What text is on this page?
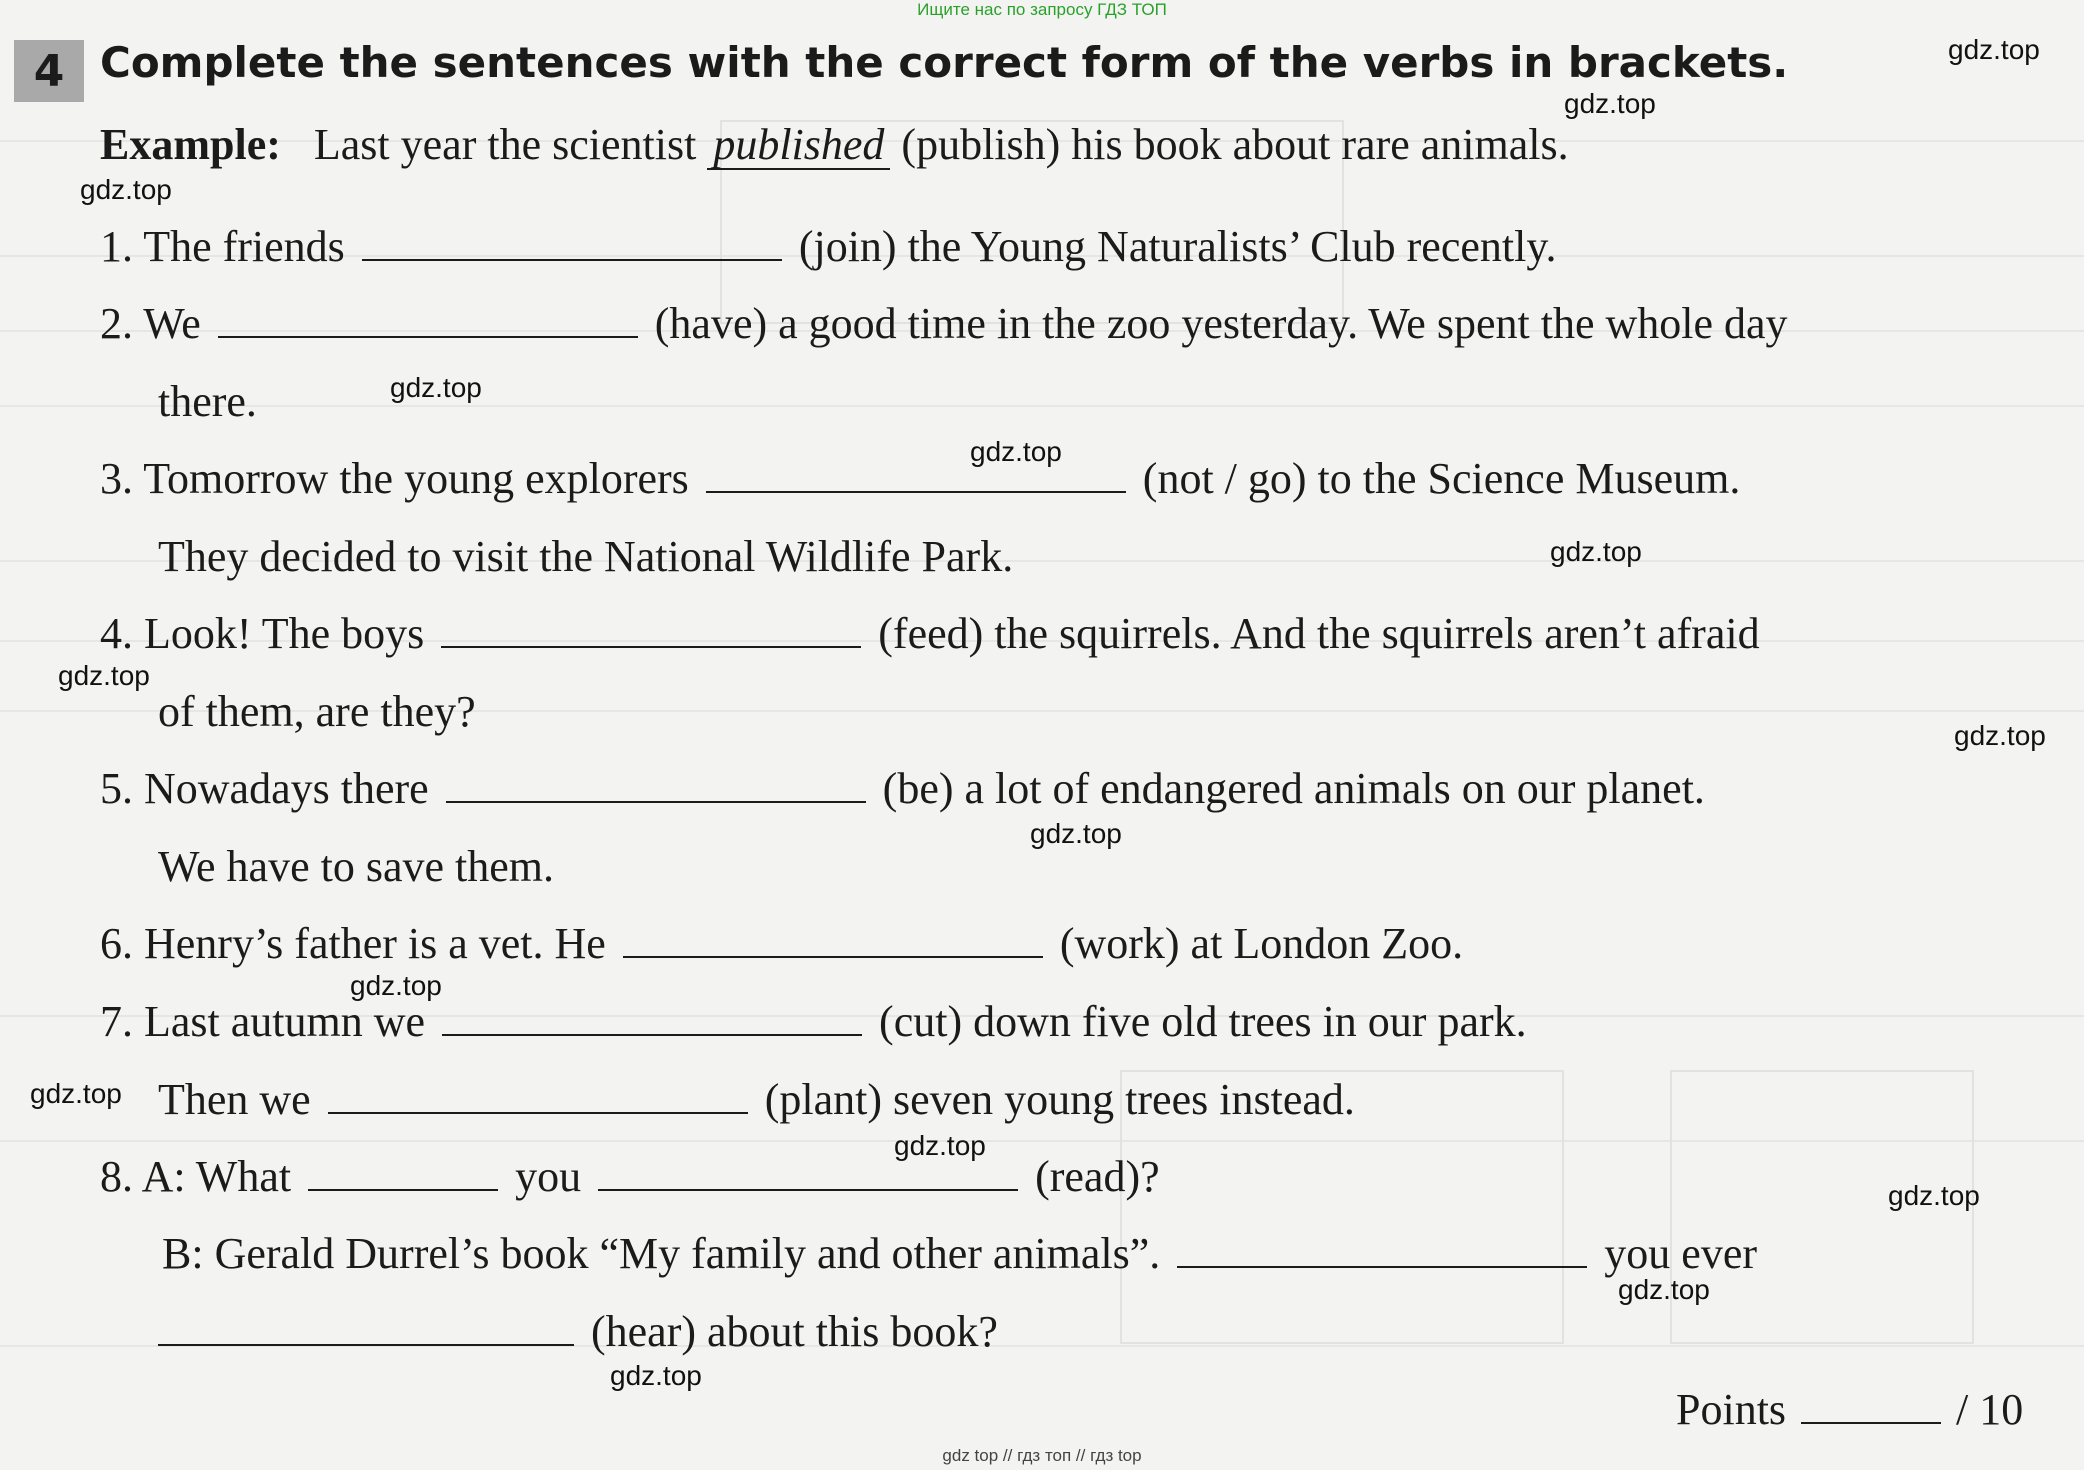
Ищите нас по запросу ГДЗ ТОП
4 Complete the sentences with the correct form of the verbs in brackets.
Example: Last year the scientist published (publish) his book about rare animals.
1. The friends	(join) the Young Naturalists’ Club recently.
2. We	(have) a good time in the zoo yesterday. We spent the whole day
there.
3. Tomorrow the young explorers	(not / go) to the Science Museum.
They decided to visit the National Wildlife Park.
4. Look! The boys	(feed) the squirrels. And the squirrels aren’t afraid
of them, are they?
5. Nowadays there	(be) a lot of endangered animals on our planet.
We have to save them.
6. Henry’s father is a vet. He	(work) at London Zoo.
7. Last autumn we	(cut) down five old trees in our park.
Then we	(plant) seven young trees instead.
8. A: What	you	(read)?
B: Gerald Durrel’s book “My family and other animals”.	you ever
(hear) about this book?
Points	/ 10
gdz.top
gdz.top
gdz.top
gdz.top
gdz.top
gdz.top
gdz.top
gdz.top
gdz.top
gdz.top
gdz.top
gdz.top
gdz.top
gdz.top
gdz.top
gdz top // гдз топ // гдз top
